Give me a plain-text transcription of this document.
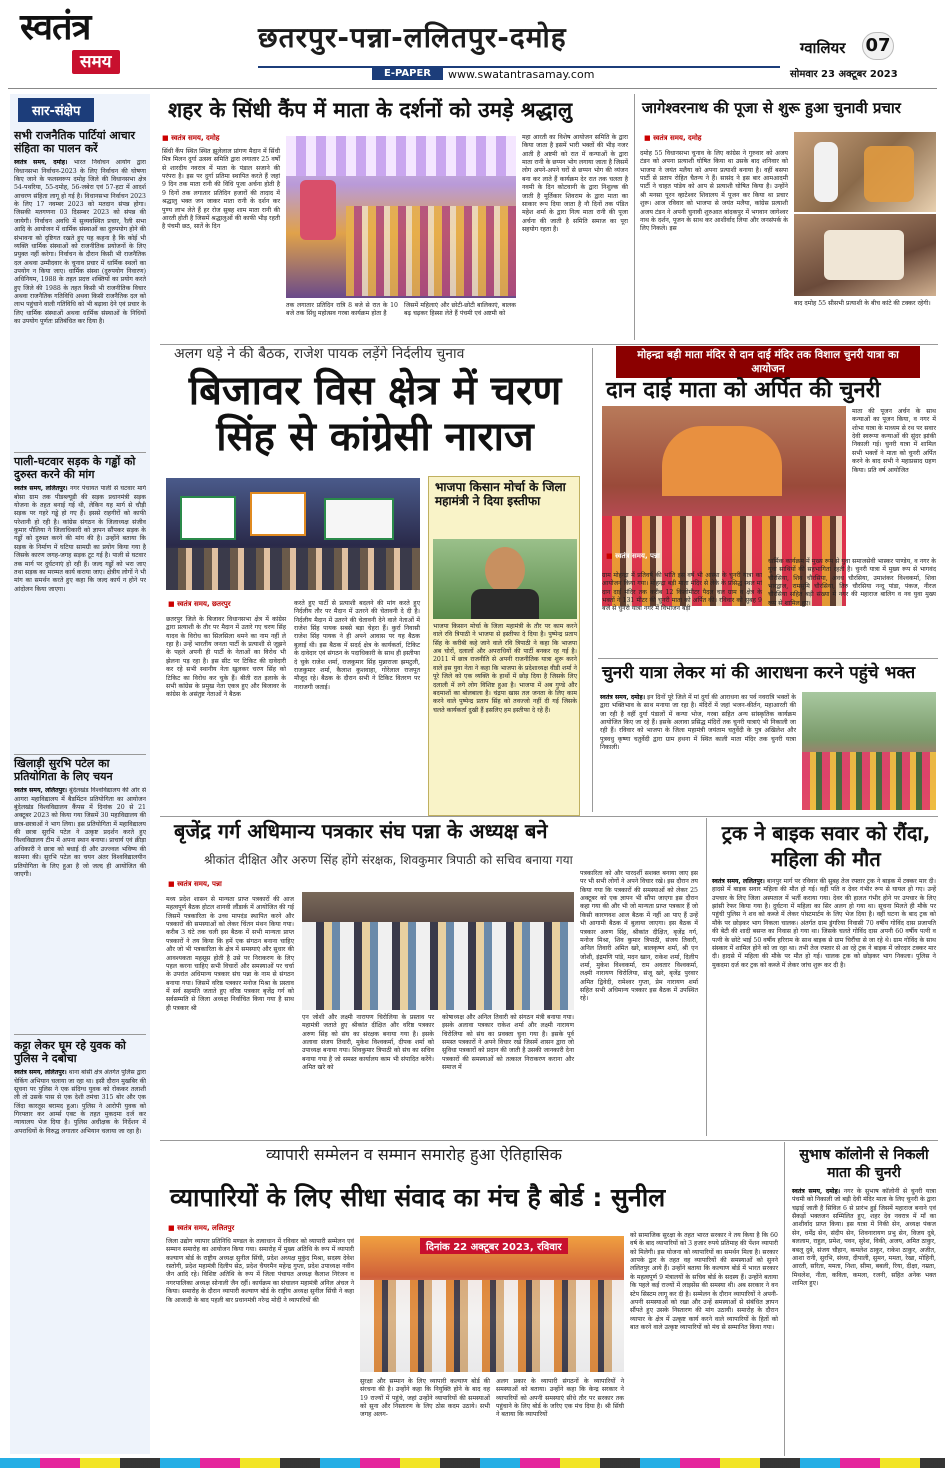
स्वतंत्र
समय
छतरपुर-पन्ना-ललितपुर-दमोह
E-PAPER	www.swatantrasamay.com
ग्वालियर 07
सोमवार 23 अक्टूबर 2023
सार-संक्षेप
सभी राजनैतिक पार्टियां आचार संहिता का पालन करें
स्वतंत्र समय, दमोह। भारत निर्वाचन आयोग द्वारा विधानसभा निर्वाचन-2023 के लिए निर्वाचन की घोषणा किए जाने के फलस्वरूप दमोह जिले की विधानसभा क्षेत्र 54-पथरिया, 55-दमोह, 56-जबेरा एवं 57-हटा में आदर्श आचरण संहिता लागू हो गई है। विधानसभा निर्वाचन 2023 के लिए 17 नवम्बर 2023 को मतदान संपन्न होगा। जिसकी मतगणना 03 दिसम्बर 2023 को संपन्न की जायेगी। निर्वाचन अवधि में सुव्यवस्थित प्रचार, रैली सभा आदि के आयोजन में धार्मिक संस्थाओं का दुरुपयोग होने की संभावना को दृष्टिगत रखते हुए यह कहना है कि कोई भी व्यक्ति धार्मिक संस्थाओं को राजनीतिक प्रयोजनों के लिए प्रयुक्त नहीं करेगा। निर्वाचन के दौरान किसी भी राजनैतिक दल अथवा उम्मीदवार के चुनाव प्रचार में धार्मिक स्थलों का उपयोग न किया जाए। धार्मिक संस्था (दुरुपयोग निवारण) अधिनियम, 1988 के तहत प्रदत्त शक्तियों का प्रयोग करते हुए जिले की 1988 के तहत किसी भी राजनीतिक विचार अथवा राजनैतिक गतिविधि अथवा किसी राजनैतिक दल को लाभ पहुंचाने वाली गतिविधि को भी बढ़ावा देने एवं प्रचार के लिए धार्मिक संस्थाओं अथवा धार्मिक संस्थाओं के निधियों का उपयोग पूर्णतः प्रतिबंधित कर दिया है।
पाली-घटवार सड़क के गड्ढों को दुरुस्त करने की मांग
स्वतंत्र समय, ललितपुर। नगर पंचायत पाली से घटवार मार्ग बोसा ग्राम तक पीडब्ल्यूडी की सड़क प्रधानमंत्री सड़क योजना के तहत बनाई गई थी, लेकिन यह मार्ग से चौड़ी सड़क पर गहरे गड्ढे हो गए हैं। इससे राहगीरों को काफी परेशानी हो रही है। कांग्रेस संगठन के जिलाध्यक्ष संजीव कुमार पौलिया ने जिलाधिकारी को ज्ञापन सौंपकर सड़क के गड्ढों को दुरुस्त करने की मांग की है। उन्होंने बताया कि सड़क के निर्माण में घटिया सामग्री का प्रयोग किया गया है जिसके कारण जगह-जगह सड़क टूट गई है। पाली से घटवार तक मार्ग पर दुर्घटनाएं हो रही हैं। जल्द गड्ढों को भरा जाए तथा सड़क का मरम्मत कार्य कराया जाए। क्षेत्रीय लोगों ने भी मांग का समर्थन करते हुए कहा कि जल्द कार्य न होने पर आंदोलन किया जाएगा।
खिलाड़ी सुरभि पटेल का प्रतियोगिता के लिए चयन
स्वतंत्र समय, ललितपुर। बुंदेलखंड विश्वविद्यालय की ओर से आगरा महाविद्यालय में बैडमिंटन प्रतियोगिता का आयोजन बुंदेलखंड विश्वविद्यालय कैंपस में दिनांक 20 से 21 अक्टूबर 2023 को किया गया जिसमें 30 महाविद्यालय की छात्र-छात्राओं ने भाग लिया। इस प्रतियोगिता में महाविद्यालय की छात्रा सुरभि पटेल ने उत्कृष्ट प्रदर्शन करते हुए विश्वविद्यालय टीम में अपना स्थान बनाया। प्राचार्य एवं क्रीड़ा अधिकारी ने छात्रा को बधाई दी और उज्ज्वल भविष्य की कामना की। सुरभि पटेल का चयन अंतर विश्वविद्यालयीन प्रतियोगिता के लिए हुआ है जो जल्द ही आयोजित की जाएगी।
कट्टा लेकर घूम रहे युवक को पुलिस ने दबोचा
स्वतंत्र समय, ललितपुर। थाना बांसी क्षेत्र अंतर्गत पुलिस द्वारा चेकिंग अभियान चलाया जा रहा था। इसी दौरान मुखबिर की सूचना पर पुलिस ने एक संदिग्ध युवक को रोककर तलाशी ली तो उसके पास से एक देशी तमंचा 315 बोर और एक जिंदा कारतूस बरामद हुआ। पुलिस ने आरोपी युवक को गिरफ्तार कर आर्म्स एक्ट के तहत मुकदमा दर्ज कर न्यायालय भेज दिया है। पुलिस अधीक्षक के निर्देशन में अपराधियों के विरुद्ध लगातार अभियान चलाया जा रहा है।
शहर के सिंधी कैंप में माता के दर्शनों को उमड़े श्रद्धालु
■ स्वतंत्र समय, दमोह
सिंधी कैंप स्थित स्थित झूलेलाल प्रांगण मैदान में सिंधी मित्र मिलन दुर्गा उत्सव समिति द्वारा लगातार 25 वर्षों से शारदीय नवरात्र में माता के पंडाल सजाने की परंपरा है। इस पर दुर्गा प्रतिमा स्थापित करते हैं जहां 9 दिन तक माता रानी की विधि पूजा अर्चना होती है 9 दिनों तक लगातार प्रतिदिन हजारों की तादाद में श्रद्धालु भक्त जन जाकर माता रानी के दर्शन कर पुण्य लाभ लेते हैं हर रोज सुबह शाम माता रानी की आरती होती है जिसमें श्रद्धालुओं की काफी भीड़ रहती है पंचमी छठ, सातें के दिन
तक लगातार प्रतिदिन रात्रि 8 बजे से रात के 10 बजे तक सिंधु महोत्सव गरबा कार्यक्रम होता है
जिसमें महिलाएं और छोटी-छोटी बालिकाएं, बालक बढ़ चढ़कर हिस्सा लेते हैं पंचमी एवं अष्टमी को
महा आरती का विशेष आयोजन समिति के द्वारा किया जाता है इसमें भारी भक्तों की भीड़ नजर आती है अष्टमी को रात में कन्याओं के द्वारा माता रानी के छप्पन भोग लगाया जाता है जिसमें लोग अपने-अपने घरों से छप्पन भोग की व्यंजन बना कर लाते हैं कार्यक्रम देर रात तक चलता है नवमी के दिन कोटवानी के द्वारा निशुल्क की जाती है मूर्तिकार शिवराम के द्वारा माता का साकार रूप दिया जाता है नौ दिनों तक पंडित महेश शर्मा के द्वारा नित्य माता रानी की पूजा अर्चना की जाती है समिति समाज का पूरा सहयोग रहता है।
जागेश्वरनाथ की पूजा से शुरू हुआ चुनावी प्रचार
■ स्वतंत्र समय, दमोह
दमोह 55 विधानसभा चुनाव के लिए कांग्रेस ने गुरुवार को अजय टंडन को अपना प्रत्याशी घोषित किया था उसके बाद शनिवार को भाजपा ने जयंत मलैया को अपना प्रत्याशी बनाया है। वहीं बसपा पार्टी से प्रताप रोहित चैतन्य ने हैं। सासंद ने इस बार आमआदमी पार्टी ने चाहत पांडेय को आप से प्रत्याशी घोषित किया है। उन्होंने श्री मनसा पूरन व्हाटेश्वर शिवालय में पूजन कर किया था प्रचार शुरू। आज रविवार को भाजपा से जयंत मलैया, कांग्रेस प्रत्याशी अजय टंडन ने अपनी चुनावी शुरुआत बांदकपुर में भगवान जागेश्वर नाथ के दर्शन, पूजन के साथ कर आशीर्वाद लिया और जनसंपर्क के लिए निकले। इस
बाद दमोह 55 सीसभी प्रत्याशी के बीच कांटे की टक्कर रहेगी।
अलग धड़े ने की बैठक, राजेश पायक लड़ेंगे निर्दलीय चुनाव
बिजावर विस क्षेत्र में चरण सिंह से कांग्रेसी नाराज
■ स्वतंत्र समय, छतरपुर
छतरपुर जिले के बिजावर विधानसभा क्षेत्र में कांग्रेस द्वारा प्रत्याशी के तौर पर मैदान में उतारे गए चरण सिंह यादव के विरोध का सिलसिला थमने का नाम नहीं ले रहा है। उन्हें भारतीय जनता पार्टी के प्रत्याशी से जूझने के पहले अपनी ही पार्टी के नेताओं का विरोध भी झेलना पड़ रहा है। इस सीट पर टिकिट की दावेदारी कर रहे सभी स्थानीय नेता खुलकर चरण सिंह को टिकिट का विरोध कर चुके हैं। बीती रात इलाके के सभी कांग्रेस के प्रमुख नेता एकत्र हुए और बिजावर के कांग्रेस के असंतुष्ट नेताओं ने बैठक
करते हुए पार्टी से प्रत्याशी बदलने की मांग करते हुए निर्दलीय तौर पर मैदान में उतरने की चेतावनी दे दी है। निर्दलीय मैदान में उतरने की चेतावनी देने वाले नेताओं में राजेश सिंह पायक सबसे बड़ा चेहरा हैं। कुर्रा निवासी राजेश सिंह पायक ने ही अपने आवास पर यह बैठक बुलाई थी। इस बैठक में सदर्द क्षेत्र के कार्यकर्ता, टिकिट के दावेदार एवं संगठन के पदाधिकारी के साथ ही इस्तीफा दे चुके राजेश शर्मा, राजकुमार सिंह मुन्नाराजा झमटुली, राजकुमार शर्मा, कैलाश कुशवाहा, गोरेलाल राजपूत मौजूद रहे। बैठक के दौरान सभी ने टिकिट वितरण पर नाराजगी जताई।
भाजपा किसान मोर्चा के जिला महामंत्री ने दिया इस्तीफा
भाजपा किसान मोर्चा के जिला महामंत्री के तौर पर काम करने वाले रवि त्रिपाठी ने भाजपा से इस्तीफा दे दिया है। पुष्पेन्द्र प्रताप सिंह के करीबी कहे जाने वाले रवि त्रिपाठी ने कहा कि भाजपा अब चोरों, दलालों और अपराधियों की पार्टी बनकर रह गई है। 2011 में छात्र राजनीति से अपनी राजनीतिक यात्रा शुरू करने वाले इस युवा नेता ने कहा कि भाजपा के प्रदेशाध्यक्ष वीडी शर्मा ने पूरे जिले को एक व्यक्ति के हाथों में छोड़ दिया है जिसके लिए दलाली में लगे लोग विशिष्ट हुआ है। भाजपा में अब गुण्डे और बदमाशों का बोलबाला है। चंद्रपा खास तल जनता के लिए काम करने वाले पुष्पेन्द्र प्रताप सिंह को तवज्जो नहीं दी गई जिसके चलते कार्यकर्ता दुखी हैं इसलिए हम इस्तीफा दे रहे हैं।
मोहन्द्रा बड़ी माता मंदिर से दान दाई मंदिर तक विशाल चुनरी यात्रा का आयोजन
दान दाई माता को अर्पित की चुनरी
माता की पूजन अर्चन के साथ कन्याओं का पूजन किया, व नगर में शोभा यात्रा के माध्यम से रथ पर सवार देवी स्वरूपा कन्याओं की सुंदर झांकी निकाली गई। चुनरी यात्रा में शामिल सभी भक्तों ने माता को चुनरी अर्पित करने के बाद सभी ने महाप्रसाद ग्रहण किया। प्रति वर्ष आयोजित
■ स्वतंत्र समय, पन्ना
ग्राम मोहन्द्रा में प्रतिवर्ष की भांति इस वर्ष भी आस्था के चुनरी यात्रा का आयोजन किया गया। मोहन्द्रा बड़ी माता मंदिर से लेके के प्रसिद्ध स्थल मां दान दाई मंदिर तक करीब 12 किलोमीटर पैदल चल ग्राम व क्षेत्र के भक्तों ने 131 मीटर की चुनरी माता को अर्पित की। रविवार को सुबह 9 बजे से चुनरी यात्रा नगर में विभाजन बड़ी
धार्मिक कार्यक्रम में मुख्य रूप से युवा समाजसेवी भास्कर पाण्डेय, व नगर के युवा साथियों की सहभागिता रहती है। चुनरी यात्रा में मुख्य रूप से भागवंद चौरसिया, शिव चौरसिया, अवध चौरसिया, उमाशंकर विश्वकर्मा, शिवा भारद्वाज, रामसुमि चौरसिया, तिरु चौरसिया नन्दू पांडा, पंकज, नीरज चौरसिया सहित बड़ी संख्या में नगर की महाराज बालिग व नव युवा मुख्य रूप से शामिल हुए।
चुनरी यात्रा लेकर मां की आराधना करने पहुंचे भक्त
स्वतंत्र समय, दमोह। इन दिनों पूरे जिले में मां दुर्गा की आराधना का पर्व नवरात्रि भक्तों के द्वारा भक्तिभाव के साथ मनाया जा रहा है। मंदिरों में जहां भजन-कीर्तन, महाआरती की जा रही है वहीं दुर्गा पंडालों में कन्या भोज, गरबा सहित अन्य सांस्कृतिक कार्यक्रम आयोजित किए जा रहे हैं। इसके अलावा प्रसिद्ध मंदिरों तक चुनरी यात्राएं भी निकाली जा रही हैं। रविवार को भाजपा के जिला महामंत्री जयंताम चतुर्वेदी के पुत्र अखिलेश और पुत्रवधु कृष्णा चतुर्वेदी द्वारा ग्राम हथना में स्थित काली माता मंदिर तक चुनरी यात्रा निकाली।
बृजेंद्र गर्ग अधिमान्य पत्रकार संघ पन्ना के अध्यक्ष बने
श्रीकांत दीक्षित और अरुण सिंह होंगे संरक्षक, शिवकुमार त्रिपाठी को सचिव बनाया गया
■ स्वतंत्र समय, पन्ना
मध्य प्रदेश शासन से मान्यता प्राप्त पत्रकारों की आज महत्वपूर्ण बैठक होटल शानवी लौंडार्क में आयोजित की गई जिसमें पत्रकारिता के उच्च मापदंड स्थापित करने और पत्रकारों की समस्याओं को लेकर चिंतन मंथन किया गया। करीब 3 घंटे तक चली इस बैठक में सभी मान्यता प्राप्त पत्रकारों ने तय किया कि हमें एक संगठन बनाना चाहिए और जो भी पत्रकारिता के क्षेत्र में समस्याएं और सुधार की आवश्यकता महसूस होती है उसे पर निराकरण के लिए पहल करना चाहिए सभी विचारों और समस्याओं पर चर्चा के उपरांत अधिमान्य पत्रकार संघ पन्ना के नाम से संगठन बनाया गया। जिसमें वरिष्ठ पत्रकार मनोज मिश्रा के प्रस्ताव में सर्व सहमति जताते हुए वरिष्ठ पत्रकार बृजेंद्र गर्ग को सर्वसम्मति से जिला अध्यक्ष निर्वाचित किया गया है साथ ही पत्रकार श्री
एन जोशी और लक्ष्मी नारायण चिरोलिया के प्रस्ताव पर महामंत्री जताते हुए श्रीकांत दीक्षित और वरिष्ठ पत्रकार अरुण सिंह को संघ का संरक्षक बनाया गया है। इसके अलावा संजय तिवारी, मुकेश विश्वकर्मा, दीपक शर्मा को उपाध्यक्ष बनाया गया। शिवकुमार त्रिपाठी को संघ का सचिव बनाया गया है जो समस्त कार्यालय काम भी संपादित करेंगे। अमित खरे को
कोषाध्यक्ष और अनिल तिवारी को संगठन मंत्री बनाया गया। इसके अलावा पत्रकार राकेश शर्मा और लक्ष्मी नारायण चिरोलिया को संघ का प्रवक्ता चुना गया है। इसके पूर्व समस्त पत्रकारों ने अपने विचार रखे जिसमें शासन द्वारा जो सुविधा पत्रकारों को प्रदान की जाती है उसकी जानकारी देना पत्रकारों की समस्याओं को तत्काल निराकरण कराना और समाज में
पत्रकारिता को और पारदर्शी सशक्त बनाया जाए इस पर भी सभी लोगों ने अपने विचार रखे। इस दौरान तय किया गया कि पत्रकारों की समस्याओं को लेकर 25 अक्टूबर को एक ज्ञापन भी सौंपा जाएगा इस दौरान कहा गया की और भी जो मान्यता प्राप्त पत्रकार हैं जो किसी कारणवश आज बैठक में नहीं आ पाए हैं उन्हें भी आगामी बैठक में बुलाया जाएगा। इस बैठक में पत्रकार अरुण सिंह, श्रीकांत दीक्षित, बृजेंद्र गर्ग, मनोज मिश्रा, शिव कुमार त्रिपाठी, संजय तिवारी, अनिल तिवारी अमित खरे, बालकृष्ण शर्मा, श्री एन जोशी, इंद्रमणि पांडे, मदन खान, राकेश शर्मा, दिलीप शर्मा, मुकेश विश्वकर्मा, राम अवतार विश्वकर्मा, लक्ष्मी नारायण चिरोलिया, संजू खरे, बृजेंद्र पुरवार अमित द्विवेदी, रामेश्वर गुप्ता, प्रेम नारायण शर्मा सहित सभी अधिमान्य पत्रकार इस बैठक में उपस्थित रहे।
ट्रक ने बाइक सवार को रौंदा, महिला की मौत
स्वतंत्र समय, ललितपुर। बानपुर मार्ग पर रविवार की सुबह तेज रफ्तार ट्रक ने बाइक में टक्कर मार दी। हादसे में बाइक सवार महिला की मौत हो गई। वहीं पति व देवर गंभीर रूप से घायल हो गए। उन्हें उपचार के लिए जिला अस्पताल में भर्ती कराया गया। देवर की हालत गंभीर होने पर उपचार के लिए झांसी रेफर किया गया है। दुर्घटना में महिला का सिर अलग हो गया था। सूचना मिलते ही मौके पर पहुंची पुलिस ने शव को कब्जे में लेकर पोस्टमार्टम के लिए भेज दिया है। वहीं घटना के बाद ट्रक को मौके पर छोड़कर भाग निकला चालक। अंतर्गत ग्राम डुंगरिया निवासी 70 वर्षीय गोविंद दास प्रजापति की बेटी की शादी बसन्त का निवास हो गया था। जिसके चलते गोविंद दास अपनी 60 वर्षीय पत्नी व पत्नी के छोटे भाई 50 वर्षीय हरिराम के साथ बाइक से ग्राम चिरौंचा से जा रहे थे। ग्राम गोविंद के साथ संस्कार में शामिल होने को जा रहा था। तभी तेज रफ्तार से आ रहे ट्रक ने बाइक में जोरदार टक्कर मार दी। हादसे में महिला की मौके पर मौत हो गई। चालक ट्रक को छोड़कर भाग निकला। पुलिस ने मुकदमा दर्ज कर ट्रक को कब्जे में लेकर जांच शुरू कर दी है।
व्यापारी सम्मेलन व सम्मान समारोह हुआ ऐतिहासिक
व्यापारियों के लिए सीधा संवाद का मंच है बोर्ड : सुनील
■ स्वतंत्र समय, ललितपुर
जिला उद्योग व्यापार प्रतिनिधि मण्डल के तत्वाधान में रविवार को व्यापारी सम्मेलन एवं सम्मान समारोह का आयोजन किया गया। समारोह में मुख्य अतिथि के रूप में व्यापारी कल्याण बोर्ड के राष्ट्रीय अध्यक्ष सुनील सिंघी, प्रदेश अध्यक्ष मुकुंद मिश्रा, सदस्य देवेश रस्तोगी, प्रदेश महामंत्री दिलीप सेठ, प्रदेश चैयरमैन महेन्द्र गुप्ता, प्रदेश उपाध्यक्ष नवीन जैन आदि रहे। विशिष्ट अतिथि के रूप में जिला पंचायत अध्यक्ष कैलाश निरंजन व नगरपालिका अध्यक्ष सोनाली जैन रहीं। कार्यक्रम का संचालन महामंत्री अनिल अंचल ने किया। समारोह के दौरान व्यापारी कल्याण बोर्ड के राष्ट्रीय अध्यक्ष सुनील सिंघी ने कहा कि आजादी के बाद पहली बार प्रधानमंत्री नरेन्द्र मोदी ने व्यापारियों की
दिनांक 22 अक्टूबर 2023, रविवार
सुरक्षा और सम्मान के लिए व्यापारी कल्याण बोर्ड की संरचना की है। उन्होंने कहा कि नियुक्ति होने के बाद वह 19 राज्यों में पहुंचे, जहां उन्होंने व्यापारियों की समस्याओं को सुना और निस्तारण के लिए ठोस कदम उठाये। सभी जगह अलग-
अलग प्रकार के व्यापारी संगठनों के व्यापारियों ने समस्याओं को बताया। उन्होंने कहा कि केन्द्र सरकार ने व्यापारियों को अपनी समस्याएं सीधे तौर पर सरकार तक पहुंचाने के लिए बोर्ड के जरिए एक मंच दिया है। श्री सिंघी ने बताया कि व्यापारियों
को सामाजिक सुरक्षा के तहत भारत सरकार ने तय किया है कि 60 वर्ष के बाद व्यापारियों को 3 हजार रुपये प्रतिमाह की पेंशन व्यापारी को मिलेगी। इस योजना को व्यापारियों का समर्थन मिला है। सरकार आपके द्वार के तहत वह व्यापारियों की समस्याओं को सुनने ललितपुर आये हैं। उन्होंने बताया कि कल्याण बोर्ड में भारत सरकार के महत्वपूर्ण 9 मंत्रालयों के सचिव बोर्ड के सदस्य हैं। उन्होंने बताया कि पहले कई राज्यों में लाइसेंस की समस्या थी। अब सरकार ने वन स्टेप सिस्टम लागू कर दी है। सम्मेलन के दौरान व्यापारियों ने अपनी-अपनी समस्याओं को रखा और उन्हें समस्याओं से संबंधित ज्ञापन सौंपते हुए उसके निस्तारण की मांग उठायी। समारोह के दौरान व्यापार के क्षेत्र में उत्कृष्ट कार्य करने वाले व्यापारियों के हितों को बात करने वाले उत्कृष्ट व्यापारियों को मंच से सम्मानित किया गया।
सुभाष कॉलोनी से निकली माता की चुनरी
स्वतंत्र समय, दमोह। नगर के सुभाष कॉलोनी से चुनरी यात्रा पंचमी को निकाली जो बड़ी देवी मंदिर माता के लिए चुनरी के द्वारा चढ़ाई जाती है सिविल 6 से प्रारंभ हुई जिसमें महाराज बनाने एवं सैकड़ों भक्तजन सम्मिलित हुए, शहर देव नवरात्र में माँ का आशीर्वाद प्राप्त किया। इस यात्रा में निकी सेन, अध्यक्ष पंकज सेन, धर्मेंद्र सेन, संदीप सेन, शिवनारायण प्रभु सेन, विजय दुबे, बललाम, राहुल, प्रमेश, पवन, सुरेश, विकी, अजय, अमित ठाकुर, बबलू दुबे, संजय चौहान, कमलेश ठाकुर, राकेश ठाकुर, अजीत, आशा रानी, सुरभि, संध्या, दीपाली, सुमन, ममता, रेखा, मोहिनी, आरती, सरिता, ममता, निशा, सीमा, बबली, रिया, दीक्षा, नम्रता, मिथलेश, नीता, कविता, कमला, रजनी, सहित अनेक भक्त शामिल हुए।
